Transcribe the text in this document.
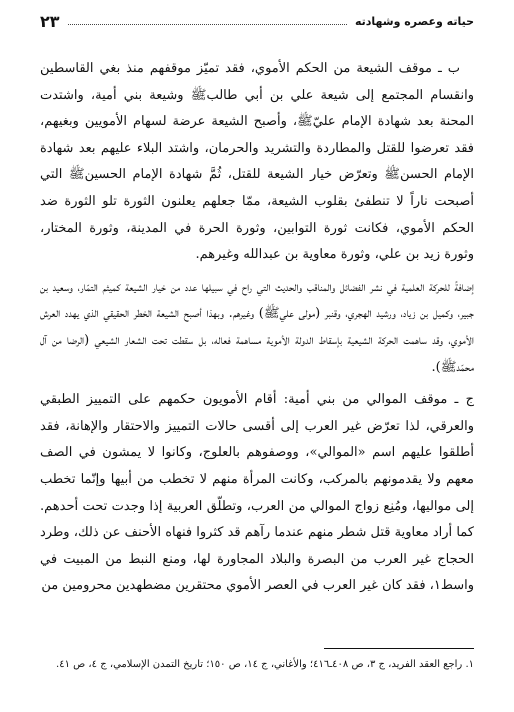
حياته وعصره وشهادته
٢٣

ب ـ موقف الشيعة من الحكم الأموي، فقد تميّز موقفهم منذ بغي القاسطين وانقسام المجتمع إلى شيعة علي بن أبي طالب‌ﷺ وشيعة بني أمية، واشتدت المحنة بعد شهادة الإمام عليّ‌ﷺ، وأصبح الشيعة عرضة لسهام الأمويين وبغيهم، فقد تعرضوا للقتل والمطاردة والتشريد والحرمان، واشتد البلاء عليهم بعد شهادة الإمام الحسن‌ﷺ وتعرّض خيار الشيعة للقتل، ثُمَّ شهادة الإمام الحسين‌ﷺ التي أصبحت ناراً لا تنطفئ بقلوب الشيعة، ممّا جعلهم يعلنون الثورة تلو الثورة ضد الحكم الأموي، فكانت ثورة التوابين، وثورة الحرة في المدينة، وثورة المختار، وثورة زيد بن علي، وثورة معاوية بن عبدالله وغيرهم.

إضافةً للحركة العلمية في نشر الفضائل والمناقب والحديث التي راح في سبيلها عدد من خيار الشيعة كميثم التمّار، وسعيد بن جبير، وكميل بن زياد، ورشيد الهجري، وقنبر (مولى علي‌ﷺ) وغيرهم. وبهذا أصبح الشيعة الخطر الحقيقي الذي يهدد العرش الأموي، وقد ساهمت الحركة الشيعية بإسقاط الدولة الأموية مساهمة فعاله، بل سقطت تحت الشعار الشيعي (الرضا من آل محمّد‌ﷺ).

ج ـ موقف الموالي من بني أمية: أقام الأمويون حكمهم على التمييز الطبقي والعرقي، لذا تعرّض غير العرب إلى أقسى حالات التمييز والاحتقار والإهانة، فقد أطلقوا عليهم اسم «الموالي»، ووصفوهم بالعلوج، وكانوا لا يمشون في الصف معهم ولا يقدمونهم بالمركب، وكانت المرأة منهم لا تخطب من أبيها وإنّما تخطب إلى مواليها، ومُنِع زواج الموالي من العرب، وتطلّق العربية إذا وجدت تحت أحدهم. كما أراد معاوية قتل شطر منهم عندما رآهم قد كثروا فنهاه الأحنف عن ذلك، وطرد الحجاج غير العرب من البصرة والبلاد المجاورة لها، ومنع النبط من المبيت في واسط١، فقد كان غير العرب في العصر الأموي محتقرين مضطهدين محرومين من

١. راجع العقد الفريد، ج ٣، ص ٤٠٨ـ٤١٦؛ والأغاني، ج ١٤، ص ١٥٠؛ تاريخ التمدن الإسلامي، ج ٤، ص ٤١.
